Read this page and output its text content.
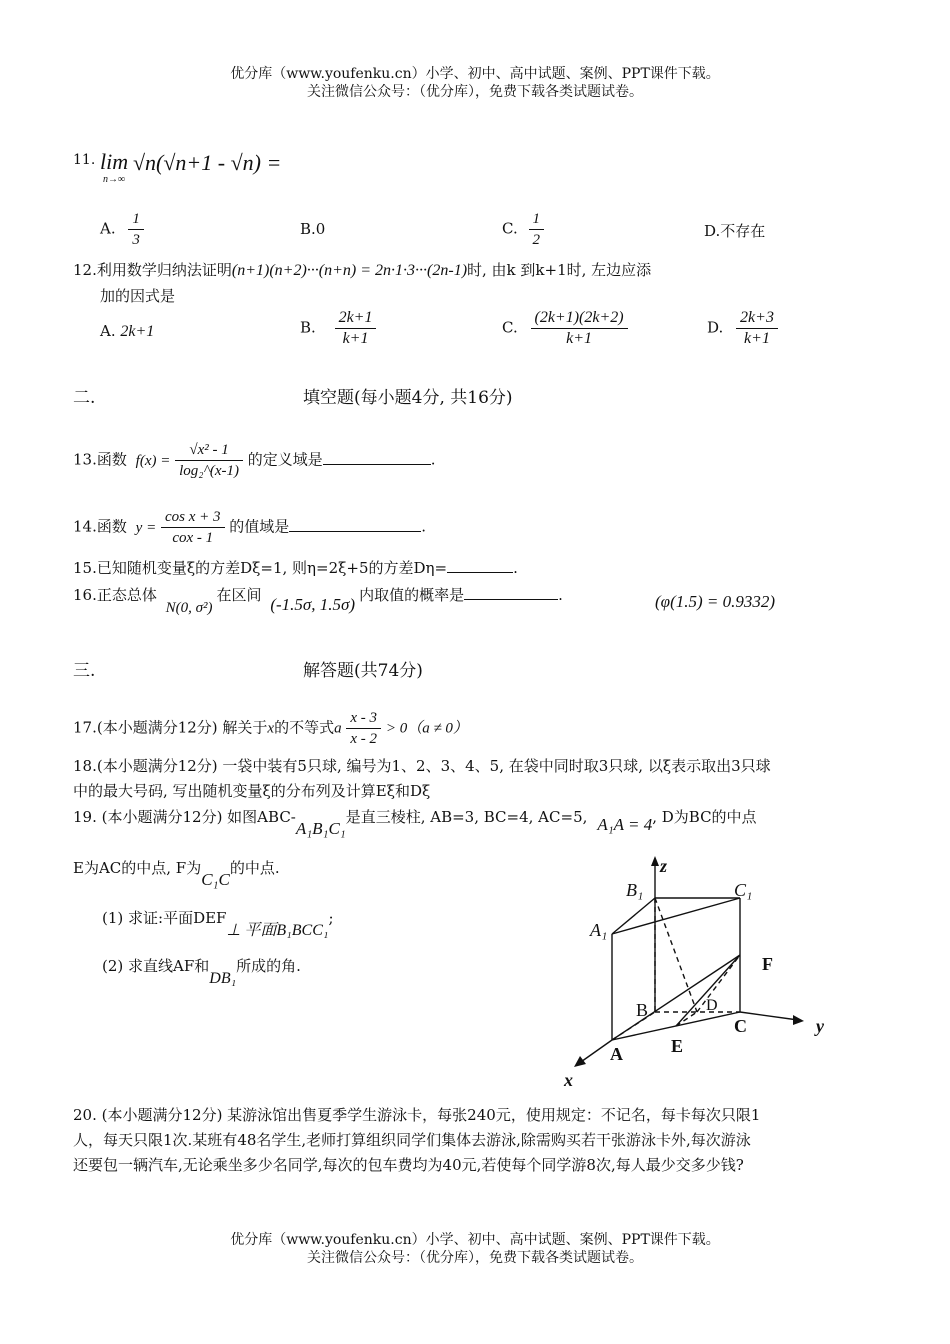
优分库（www.youfenku.cn）小学、初中、高中试题、案例、PPT课件下载。
关注微信公众号：（优分库），免费下载各类试题试卷。
11. lim
n→∞
√n(√n+1 - √n) =
A. $\frac{1}{3}$	B.0	C. $\frac{1}{2}$	D.不存在
12.利用数学归纳法证明(n+1)(n+2)···(n+n) = 2n·1·3···(2n-1)时, 由k 到k+1时, 左边应添
加的因式是
A. 2k+1	B. $\frac{2k+1}{k+1}$	C. $\frac{(2k+1)(2k+2)}{k+1}$	D. $\frac{2k+3}{k+1}$
二.	填空题(每小题4分, 共16分)
13.函数 $f(x) = \frac{\text{√x² - 1}}{\text{log₂\textasciicircum{}(x-1)}}$ 的定义域是	.
14.函数 $y = \frac{\text{cos x + 3}}{\text{cox - 1}}$ 的值域是	.
15.已知随机变量ξ的方差Dξ=1, 则η=2ξ+5的方差Dη=	.
16.正态总体 N(0, σ²)在区间 (-1.5σ, 1.5σ) 内取值的概率是	.	(φ(1.5) = 0.9332)
三.	解答题(共74分)
17.(本小题满分12分) 解关于x的不等式a $\frac{x - 3}{x - 2} > 0(a \ne 0)$
18.(本小题满分12分) 一袋中装有5只球, 编号为1、2、3、4、5, 在袋中同时取3只球, 以ξ表示取出3只球
中的最大号码, 写出随机变量ξ的分布列及计算Eξ和Dξ
19. (本小题满分12分) 如图ABC-A₁B₁C₁是直三棱柱, AB=3, BC=4, AC=5, A₁A = 4, D为BC的中点
E为AC的中点, F为C₁C的中点.
(1) 求证:平面DEF⊥ 平面B₁BCC₁;
(2) 求直线AF和DB₁所成的角.
z
y
x
B₁	C₁
A₁
F
B	D
C
A	E
20. (本小题满分12分) 某游泳馆出售夏季学生游泳卡，每张240元，使用规定：不记名，每卡每次只限1
人，每天只限1次.某班有48名学生,老师打算组织同学们集体去游泳,除需购买若干张游泳卡外,每次游泳
还要包一辆汽车,无论乘坐多少名同学,每次的包车费均为40元,若使每个同学游8次,每人最少交多少钱?
优分库（www.youfenku.cn）小学、初中、高中试题、案例、PPT课件下载。
关注微信公众号：（优分库），免费下载各类试题试卷。
